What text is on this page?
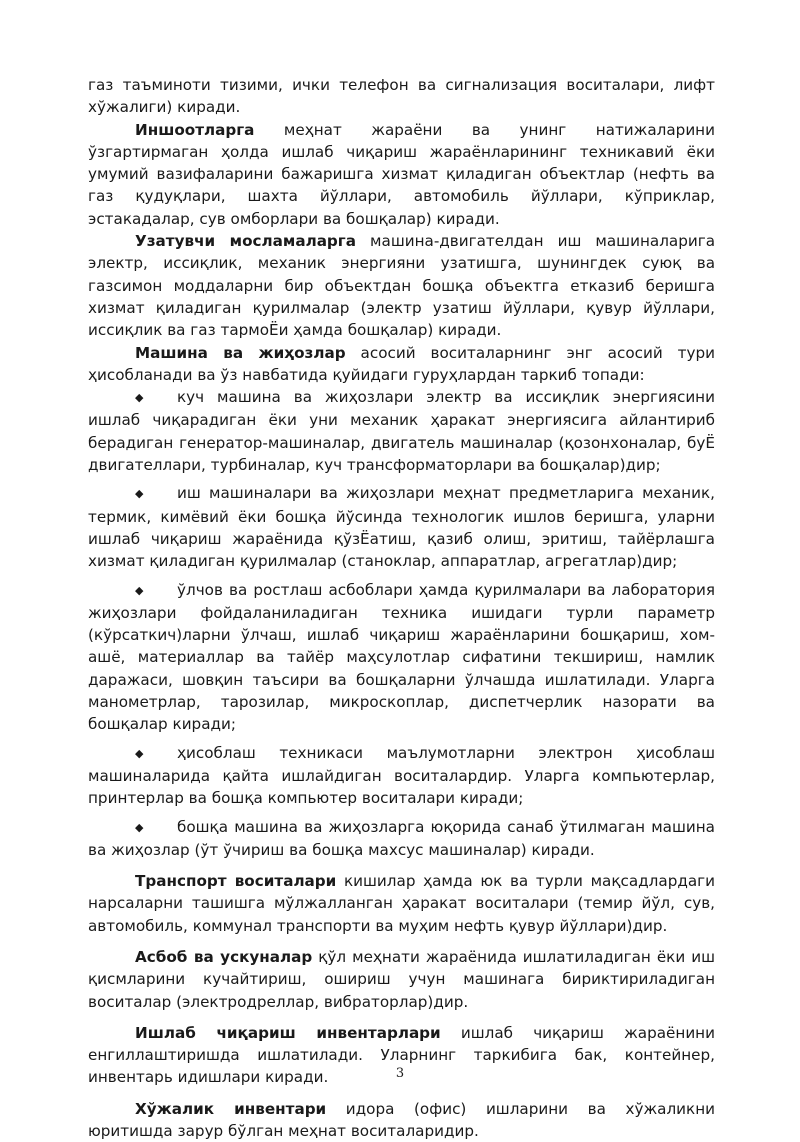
газ таъминоти тизими, ички телефон ва сигнализация воситалари, лифт хўжалиги) киради.

Иншоотларга меҳнат жараёни ва унинг натижаларини ўзгартирмаган ҳолда ишлаб чиқариш жараёнларининг техникавий ёки умумий вазифаларини бажаришга хизмат қиладиган объектлар (нефть ва газ қудуқлари, шахта йўллари, автомобиль йўллари, кўприклар, эстакадалар, сув омборлари ва бошқалар) киради.

Узатувчи мосламаларга машина-двигателдан иш машиналарига электр, иссиқлик, механик энергияни узатишга, шунингдек суюқ ва газсимон моддаларни бир объектдан бошқа объектга етказиб беришга хизмат қиладиган қурилмалар (электр узатиш йўллари, қувур йўллари, иссиқлик ва газ тармоЁи ҳамда бошқалар) киради.

Машина ва жиҳозлар асосий воситаларнинг энг асосий тури ҳисобланади ва ўз навбатида қуйидаги гуруҳлардан таркиб топади:

◆ куч машина ва жиҳозлари электр ва иссиқлик энергиясини ишлаб чиқарадиган ёки уни механик ҳаракат энергиясига айлантириб берадиган генератор-машиналар, двигатель машиналар (қозонхоналар, буЁ двигателлари, турбиналар, куч трансформаторлари ва бошқалар)дир;

◆ иш машиналари ва жиҳозлари меҳнат предметларига механик, термик, кимёвий ёки бошқа йўсинда технологик ишлов беришга, уларни ишлаб чиқариш жараёнида қўзЁатиш, қазиб олиш, эритиш, тайёрлашга хизмат қиладиган қурилмалар (станоклар, аппаратлар, агрегатлар)дир;

◆ ўлчов ва ростлаш асбоблари ҳамда қурилмалари ва лаборатория жиҳозлари фойдаланиладиган техника ишидаги турли параметр (кўрсаткич)ларни ўлчаш, ишлаб чиқариш жараёнларини бошқариш, хом-ашё, материаллар ва тайёр маҳсулотлар сифатини текшириш, намлик даражаси, шовқин таъсири ва бошқаларни ўлчашда ишлатилади. Уларга манометрлар, тарозилар, микроскоплар, диспетчерлик назорати ва бошқалар киради;

◆ ҳисоблаш техникаси маълумотларни электрон ҳисоблаш машиналарида қайта ишлайдиган воситалардир. Уларга компьютерлар, принтерлар ва бошқа компьютер воситалари киради;

◆ бошқа машина ва жиҳозларга юқорида санаб ўтилмаган машина ва жиҳозлар (ўт ўчириш ва бошқа махсус машиналар) киради.

Транспорт воситалари кишилар ҳамда юк ва турли мақсадлардаги нарсаларни ташишга мўлжалланган ҳаракат воситалари (темир йўл, сув, автомобиль, коммунал транспорти ва муҳим нефть қувур йўллари)дир.

Асбоб ва ускуналар қўл меҳнати жараёнида ишлатиладиган ёки иш қисмларини кучайтириш, ошириш учун машинага бириктириладиган воситалар (электродреллар, вибраторлар)дир.

Ишлаб чиқариш инвентарлари ишлаб чиқариш жараёнини енгиллаштиришда ишлатилади. Уларнинг таркибига бак, контейнер, инвентарь идишлари киради.

Хўжалик инвентари идора (офис) ишларини ва хўжаликни юритишда зарур бўлган меҳнат воситаларидир.

3
